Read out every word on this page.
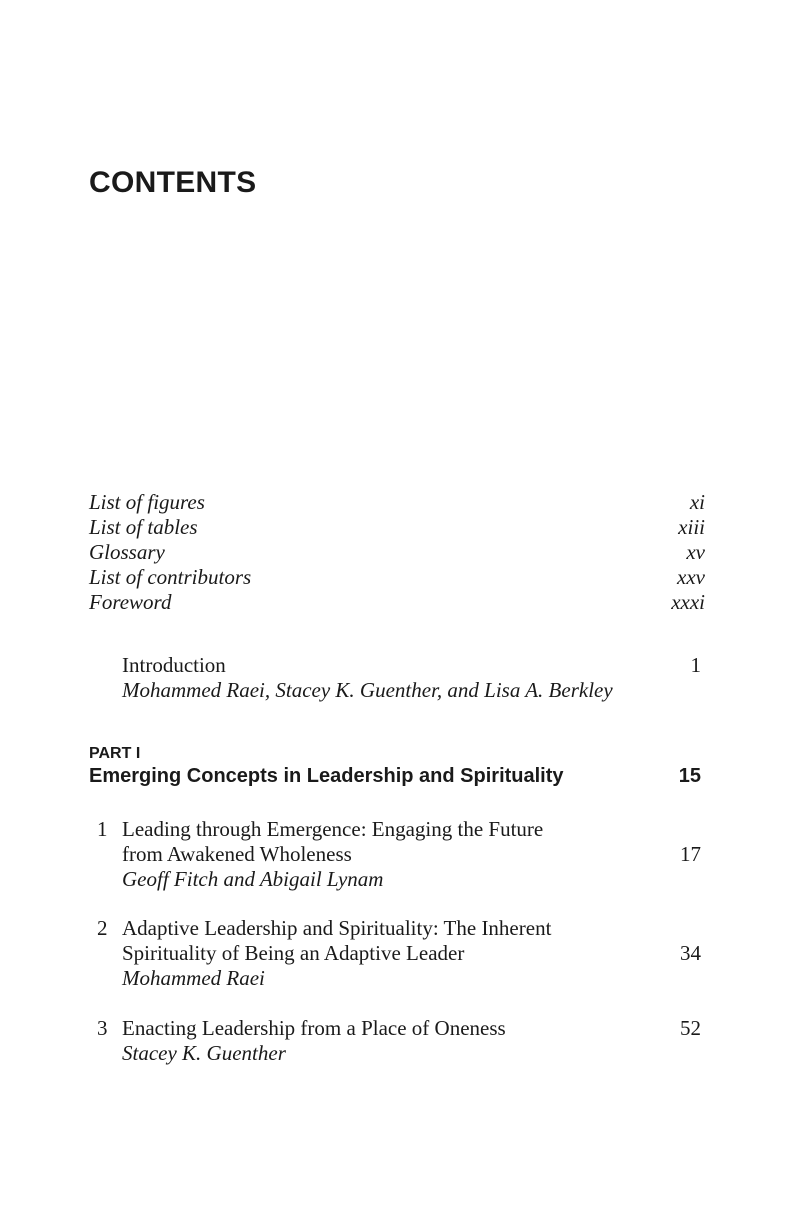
CONTENTS
List of figures	xi
List of tables	xiii
Glossary	xv
List of contributors	xxv
Foreword	xxxi
Introduction	1
Mohammed Raei, Stacey K. Guenther, and Lisa A. Berkley
PART I
Emerging Concepts in Leadership and Spirituality	15
1 Leading through Emergence: Engaging the Future
from Awakened Wholeness	17
Geoff Fitch and Abigail Lynam
2 Adaptive Leadership and Spirituality: The Inherent
Spirituality of Being an Adaptive Leader	34
Mohammed Raei
3 Enacting Leadership from a Place of Oneness	52
Stacey K. Guenther
